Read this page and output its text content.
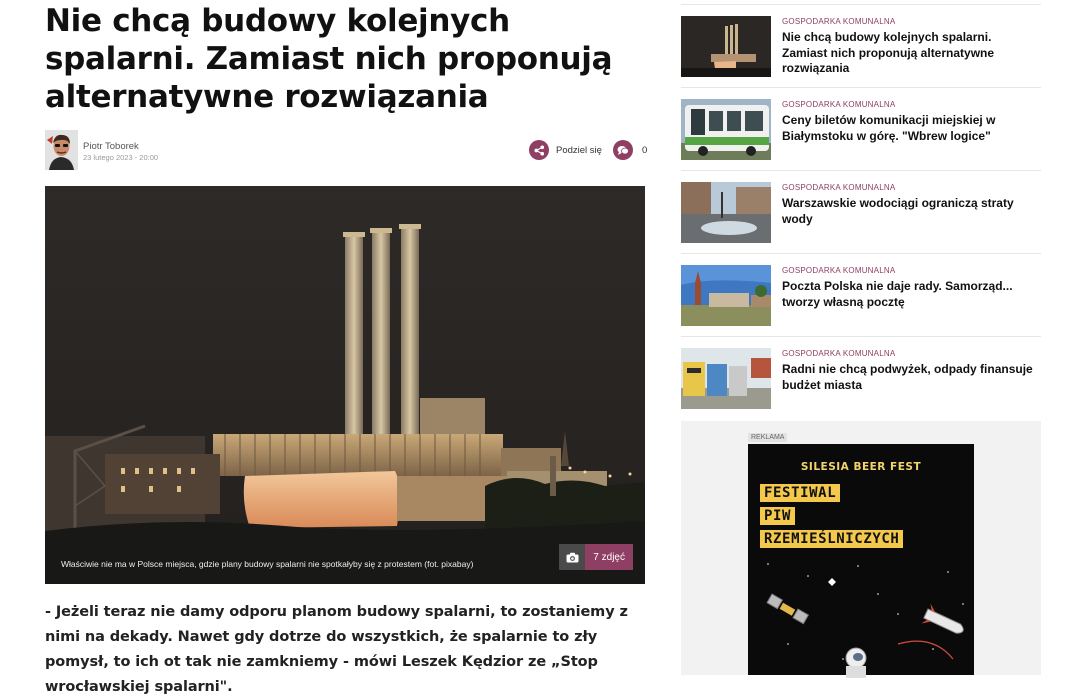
Nie chcą budowy kolejnych spalarni. Zamiast nich proponują alternatywne rozwiązania
Piotr Toborek
23 lutego 2023 - 20:00
Podziel się	0
Właściwie nie ma w Polsce miejsca, gdzie plany budowy spalarni nie spotkałyby się z protestem (fot. pixabay)
7
zdjęć

- Jeżeli teraz nie damy odporu planom budowy spalarni, to zostaniemy z nimi na dekady. Nawet gdy dotrze do wszystkich, że spalarnie to zły pomysł, to ich ot tak nie zamkniemy - mówi Leszek Kędzior ze „Stop wrocławskiej spalarni".

GOSPODARKA KOMUNALNA
Nie chcą budowy kolejnych spalarni. Zamiast nich proponują alternatywne rozwiązania
GOSPODARKA KOMUNALNA
Ceny biletów komunikacji miejskiej w Białymstoku w górę. "Wbrew logice"
GOSPODARKA KOMUNALNA
Warszawskie wodociągi ograniczą straty wody
GOSPODARKA KOMUNALNA
Poczta Polska nie daje rady. Samorząd... tworzy własną pocztę
GOSPODARKA KOMUNALNA
Radni nie chcą podwyżek, odpady finansuje budżet miasta
REKLAMA
SILESIA BEER FEST
FESTIWAL
PIW
RZEMIEŚLNICZYCH
